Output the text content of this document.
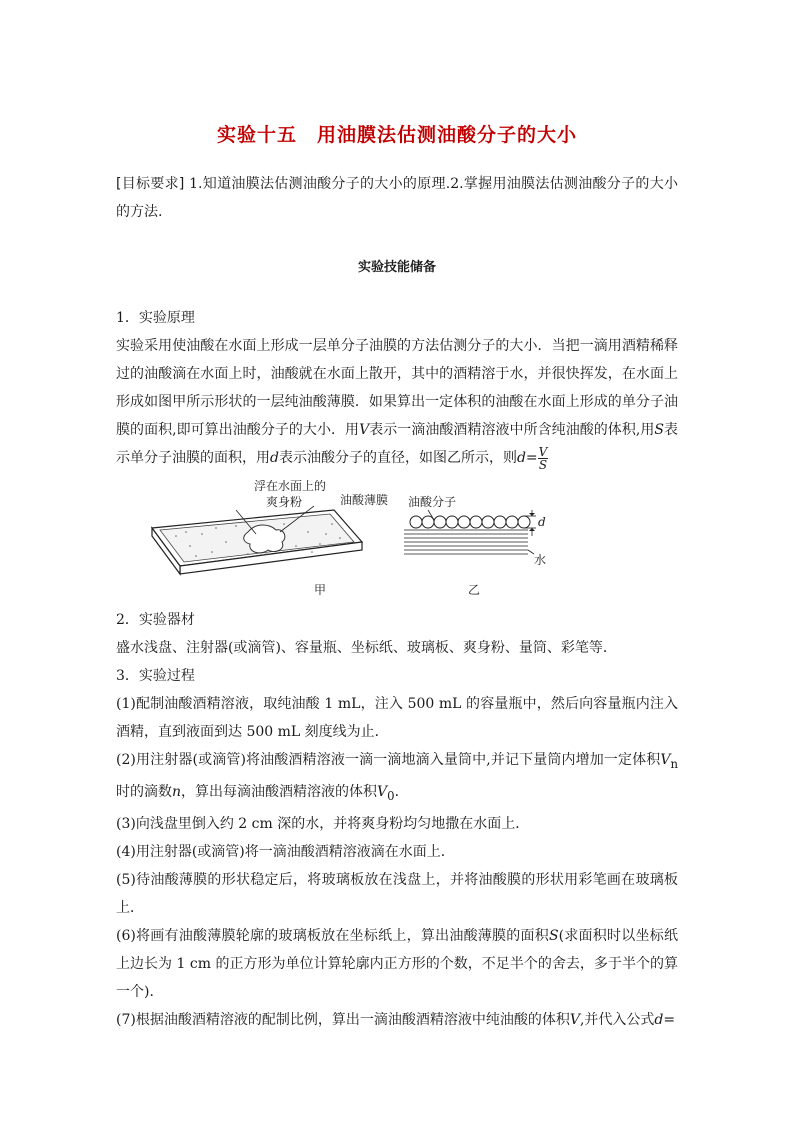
实验十五　用油膜法估测油酸分子的大小

[目标要求] 1.知道油膜法估测油酸分子的大小的原理.2.掌握用油膜法估测油酸分子的大小的方法.

实验技能储备

1．实验原理

实验采用使油酸在水面上形成一层单分子油膜的方法估测分子的大小．当把一滴用酒精稀释过的油酸滴在水面上时，油酸就在水面上散开，其中的酒精溶于水，并很快挥发，在水面上形成如图甲所示形状的一层纯油酸薄膜．如果算出一定体积的油酸在水面上形成的单分子油膜的面积,即可算出油酸分子的大小．用V表示一滴油酸酒精溶液中所含纯油酸的体积,用S表示单分子油膜的面积，用d表示油酸分子的直径，如图乙所示，则$d= \frac{V}{S}$

浮在水面上的
爽身粉	油酸薄膜
甲
油酸分子
d
水
乙

2．实验器材

盛水浅盘、注射器(或滴管)、容量瓶、坐标纸、玻璃板、爽身粉、量筒、彩笔等．

3．实验过程

(1)配制油酸酒精溶液，取纯油酸 1 mL，注入 500 mL 的容量瓶中，然后向容量瓶内注入酒精，直到液面到达 500 mL 刻度线为止．

(2)用注射器(或滴管)将油酸酒精溶液一滴一滴地滴入量筒中,并记下量筒内增加一定体积$V_n$时的滴数n，算出每滴油酸酒精溶液的体积$V_0$．

(3)向浅盘里倒入约 2 cm 深的水，并将爽身粉均匀地撒在水面上．

(4)用注射器(或滴管)将一滴油酸酒精溶液滴在水面上．

(5)待油酸薄膜的形状稳定后，将玻璃板放在浅盘上，并将油酸膜的形状用彩笔画在玻璃板上．

(6)将画有油酸薄膜轮廓的玻璃板放在坐标纸上，算出油酸薄膜的面积S(求面积时以坐标纸上边长为 1 cm 的正方形为单位计算轮廓内正方形的个数，不足半个的舍去，多于半个的算一个)．

(7)根据油酸酒精溶液的配制比例，算出一滴油酸酒精溶液中纯油酸的体积V,并代入公式d=
